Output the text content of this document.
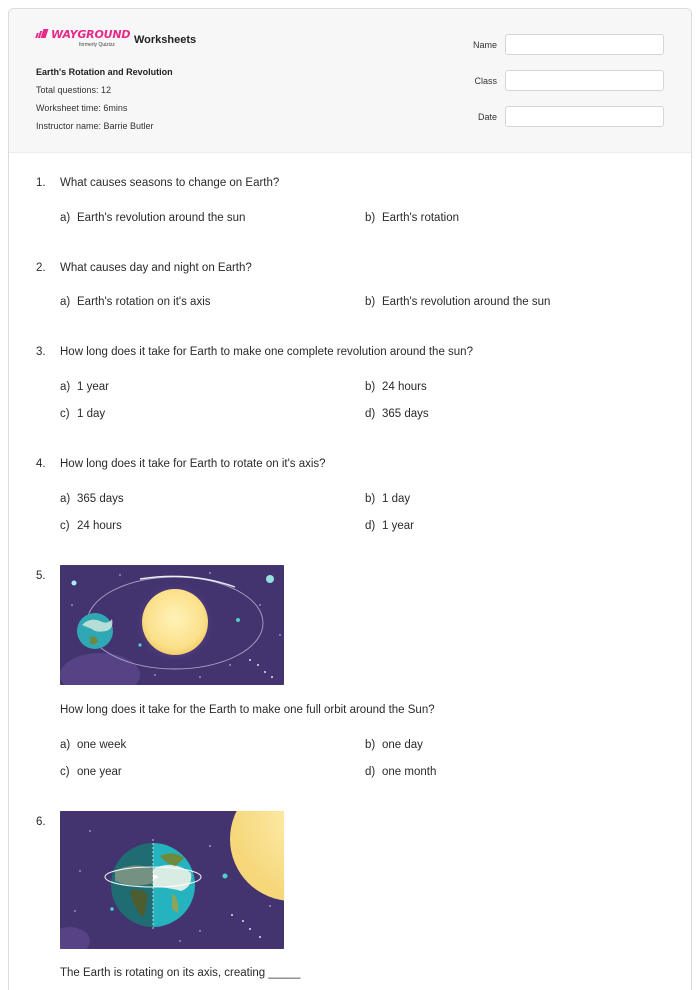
WAYGROUND
formerly Quizizz Worksheets
Earth's Rotation and Revolution
Total questions: 12
Worksheet time: 6mins
Instructor name: Barrie Butler
Name
Class
Date
1. What causes seasons to change on Earth?
a) Earth's revolution around the sun	b) Earth's rotation
2. What causes day and night on Earth?
a) Earth's rotation on it's axis	b) Earth's revolution around the sun
3. How long does it take for Earth to make one complete revolution around the sun?
a) 1 year	b) 24 hours
c) 1 day	d) 365 days
4. How long does it take for Earth to rotate on it's axis?
a) 365 days	b) 1 day
c) 24 hours	d) 1 year
5.
How long does it take for the Earth to make one full orbit around the Sun?
a) one week	b) one day
c) one year	d) one month
6.
The Earth is rotating on its axis, creating _____
